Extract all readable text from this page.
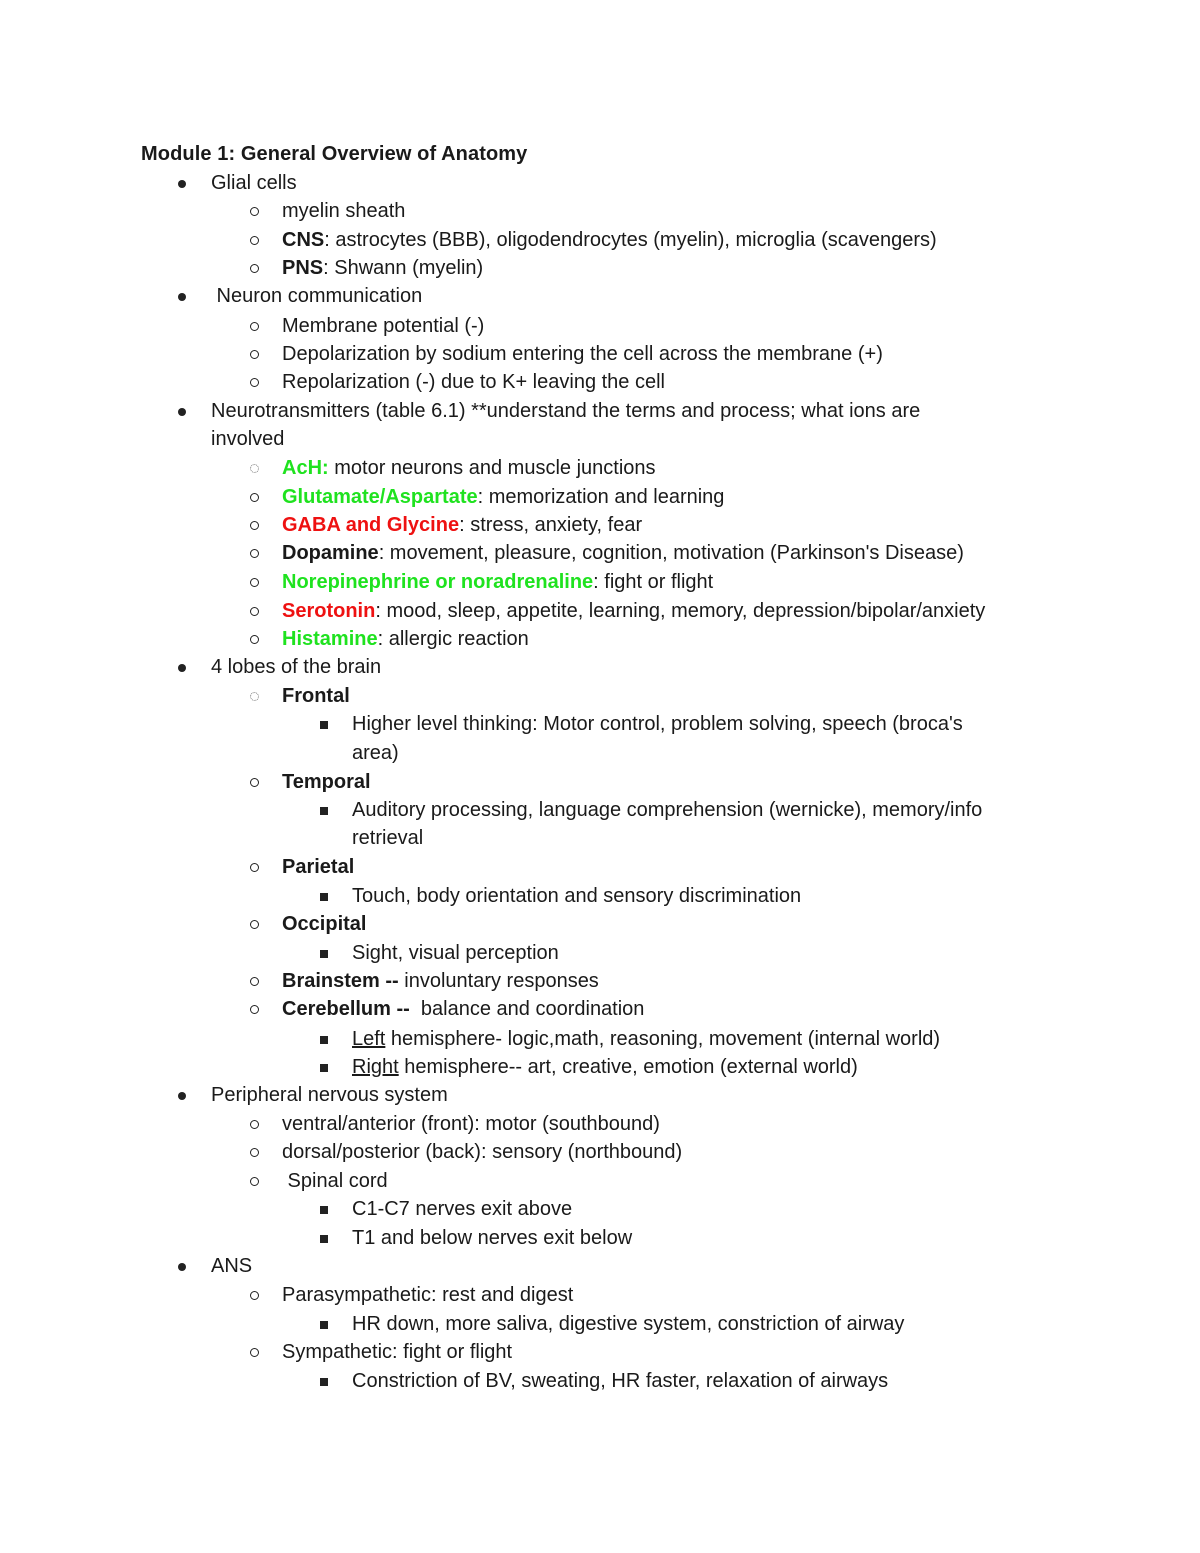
Module 1: General Overview of Anatomy
Glial cells
myelin sheath
CNS: astrocytes (BBB), oligodendrocytes (myelin), microglia (scavengers)
PNS: Shwann (myelin)
Neuron communication
Membrane potential (-)
Depolarization by sodium entering the cell across the membrane (+)
Repolarization (-) due to K+ leaving the cell
Neurotransmitters (table 6.1) **understand the terms and process; what ions are
involved
AcH: motor neurons and muscle junctions
Glutamate/Aspartate: memorization and learning
GABA and Glycine: stress, anxiety, fear
Dopamine: movement, pleasure, cognition, motivation (Parkinson's Disease)
Norepinephrine or noradrenaline: fight or flight
Serotonin: mood, sleep, appetite, learning, memory, depression/bipolar/anxiety
Histamine: allergic reaction
4 lobes of the brain
Frontal
Higher level thinking: Motor control, problem solving, speech (broca's
area)
Temporal
Auditory processing, language comprehension (wernicke), memory/info
retrieval
Parietal
Touch, body orientation and sensory discrimination
Occipital
Sight, visual perception
Brainstem -- involuntary responses
Cerebellum --  balance and coordination
Left hemisphere- logic,math, reasoning, movement (internal world)
Right hemisphere-- art, creative, emotion (external world)
Peripheral nervous system
ventral/anterior (front): motor (southbound)
dorsal/posterior (back): sensory (northbound)
Spinal cord
C1-C7 nerves exit above
T1 and below nerves exit below
ANS
Parasympathetic: rest and digest
HR down, more saliva, digestive system, constriction of airway
Sympathetic: fight or flight
Constriction of BV, sweating, HR faster, relaxation of airways
